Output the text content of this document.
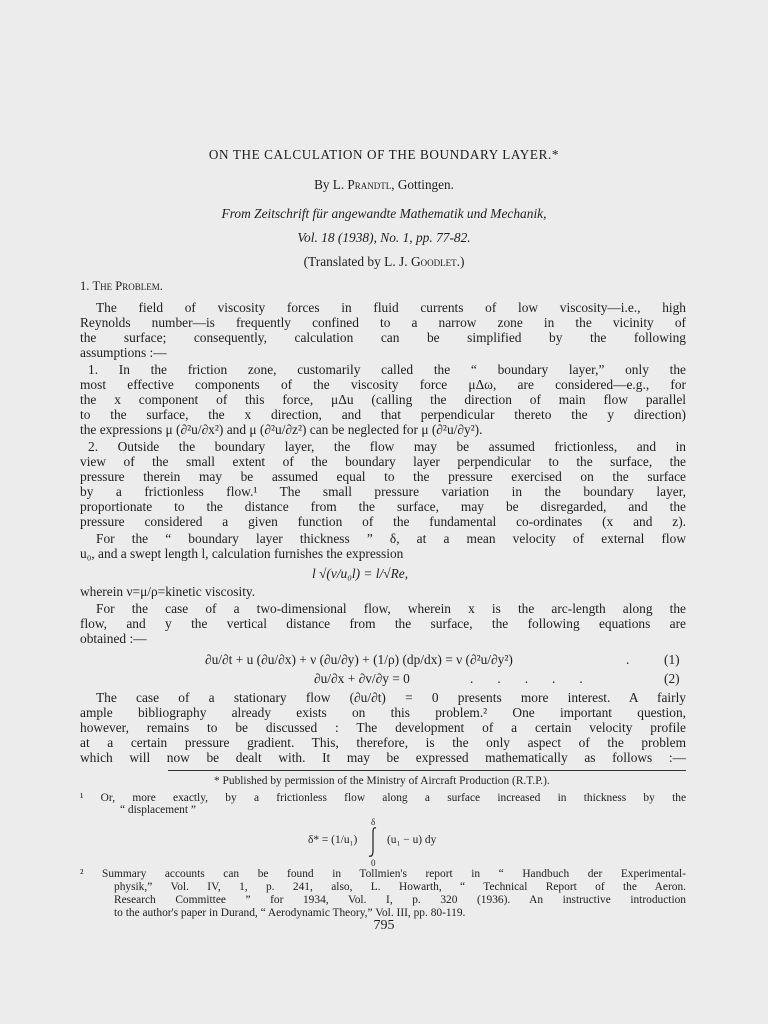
ON THE CALCULATION OF THE BOUNDARY LAYER.*
By L. Prandtl, Gottingen.
From Zeitschrift für angewandte Mathematik und Mechanik,
Vol. 18 (1938), No. 1, pp. 77-82.
(Translated by L. J. Goodlet.)
1. The Problem.
The field of viscosity forces in fluid currents of low viscosity—i.e., high
Reynolds number—is frequently confined to a narrow zone in the vicinity of
the surface; consequently, calculation can be simplified by the following
assumptions :—
1. In the friction zone, customarily called the “ boundary layer,” only the
most effective components of the viscosity force μΔω, are considered—e.g., for
the x component of this force, μΔu (calling the direction of main flow parallel
to the surface, the x direction, and that perpendicular thereto the y direction)
the expressions μ (∂²u/∂x²) and μ (∂²u/∂z²) can be neglected for μ (∂²u/∂y²).
2. Outside the boundary layer, the flow may be assumed frictionless, and in
view of the small extent of the boundary layer perpendicular to the surface, the
pressure therein may be assumed equal to the pressure exercised on the surface
by a frictionless flow.¹ The small pressure variation in the boundary layer,
proportionate to the distance from the surface, may be disregarded, and the
pressure considered a given function of the fundamental co-ordinates (x and z).
For the “ boundary layer thickness ” δ, at a mean velocity of external flow
u₀, and a swept length l, calculation furnishes the expression
l √(ν/u₀l) = l/√Re,
wherein ν=μ/ρ=kinetic viscosity.
For the case of a two-dimensional flow, wherein x is the arc-length along the
flow, and y the vertical distance from the surface, the following equations are
obtained :—
∂u/∂t + u (∂u/∂x) + ν (∂u/∂y) + (1/ρ) (dp/dx) = ν (∂²u/∂y²)	.	(1)
∂u/∂x + ∂v/∂y = 0	.....	(2)
The case of a stationary flow (∂u/∂t) = 0 presents more interest. A fairly
ample bibliography already exists on this problem.² One important question,
however, remains to be discussed : The development of a certain velocity profile
at a certain pressure gradient. This, therefore, is the only aspect of the problem
which will now be dealt with. It may be expressed mathematically as follows :—
* Published by permission of the Ministry of Aircraft Production (R.T.P.).
¹ Or, more exactly, by a frictionless flow along a surface increased in thickness by the
“ displacement ”
δ* = (1/u₁)
δ
0
(u₁ − u) dy
² Summary accounts can be found in Tollmien's report in “ Handbuch der Experimental-
physik,” Vol. IV, 1, p. 241, also, L. Howarth, “ Technical Report of the Aeron.
Research Committee ” for 1934, Vol. I, p. 320 (1936). An instructive introduction
to the author's paper in Durand, “ Aerodynamic Theory,” Vol. III, pp. 80-119.
795
